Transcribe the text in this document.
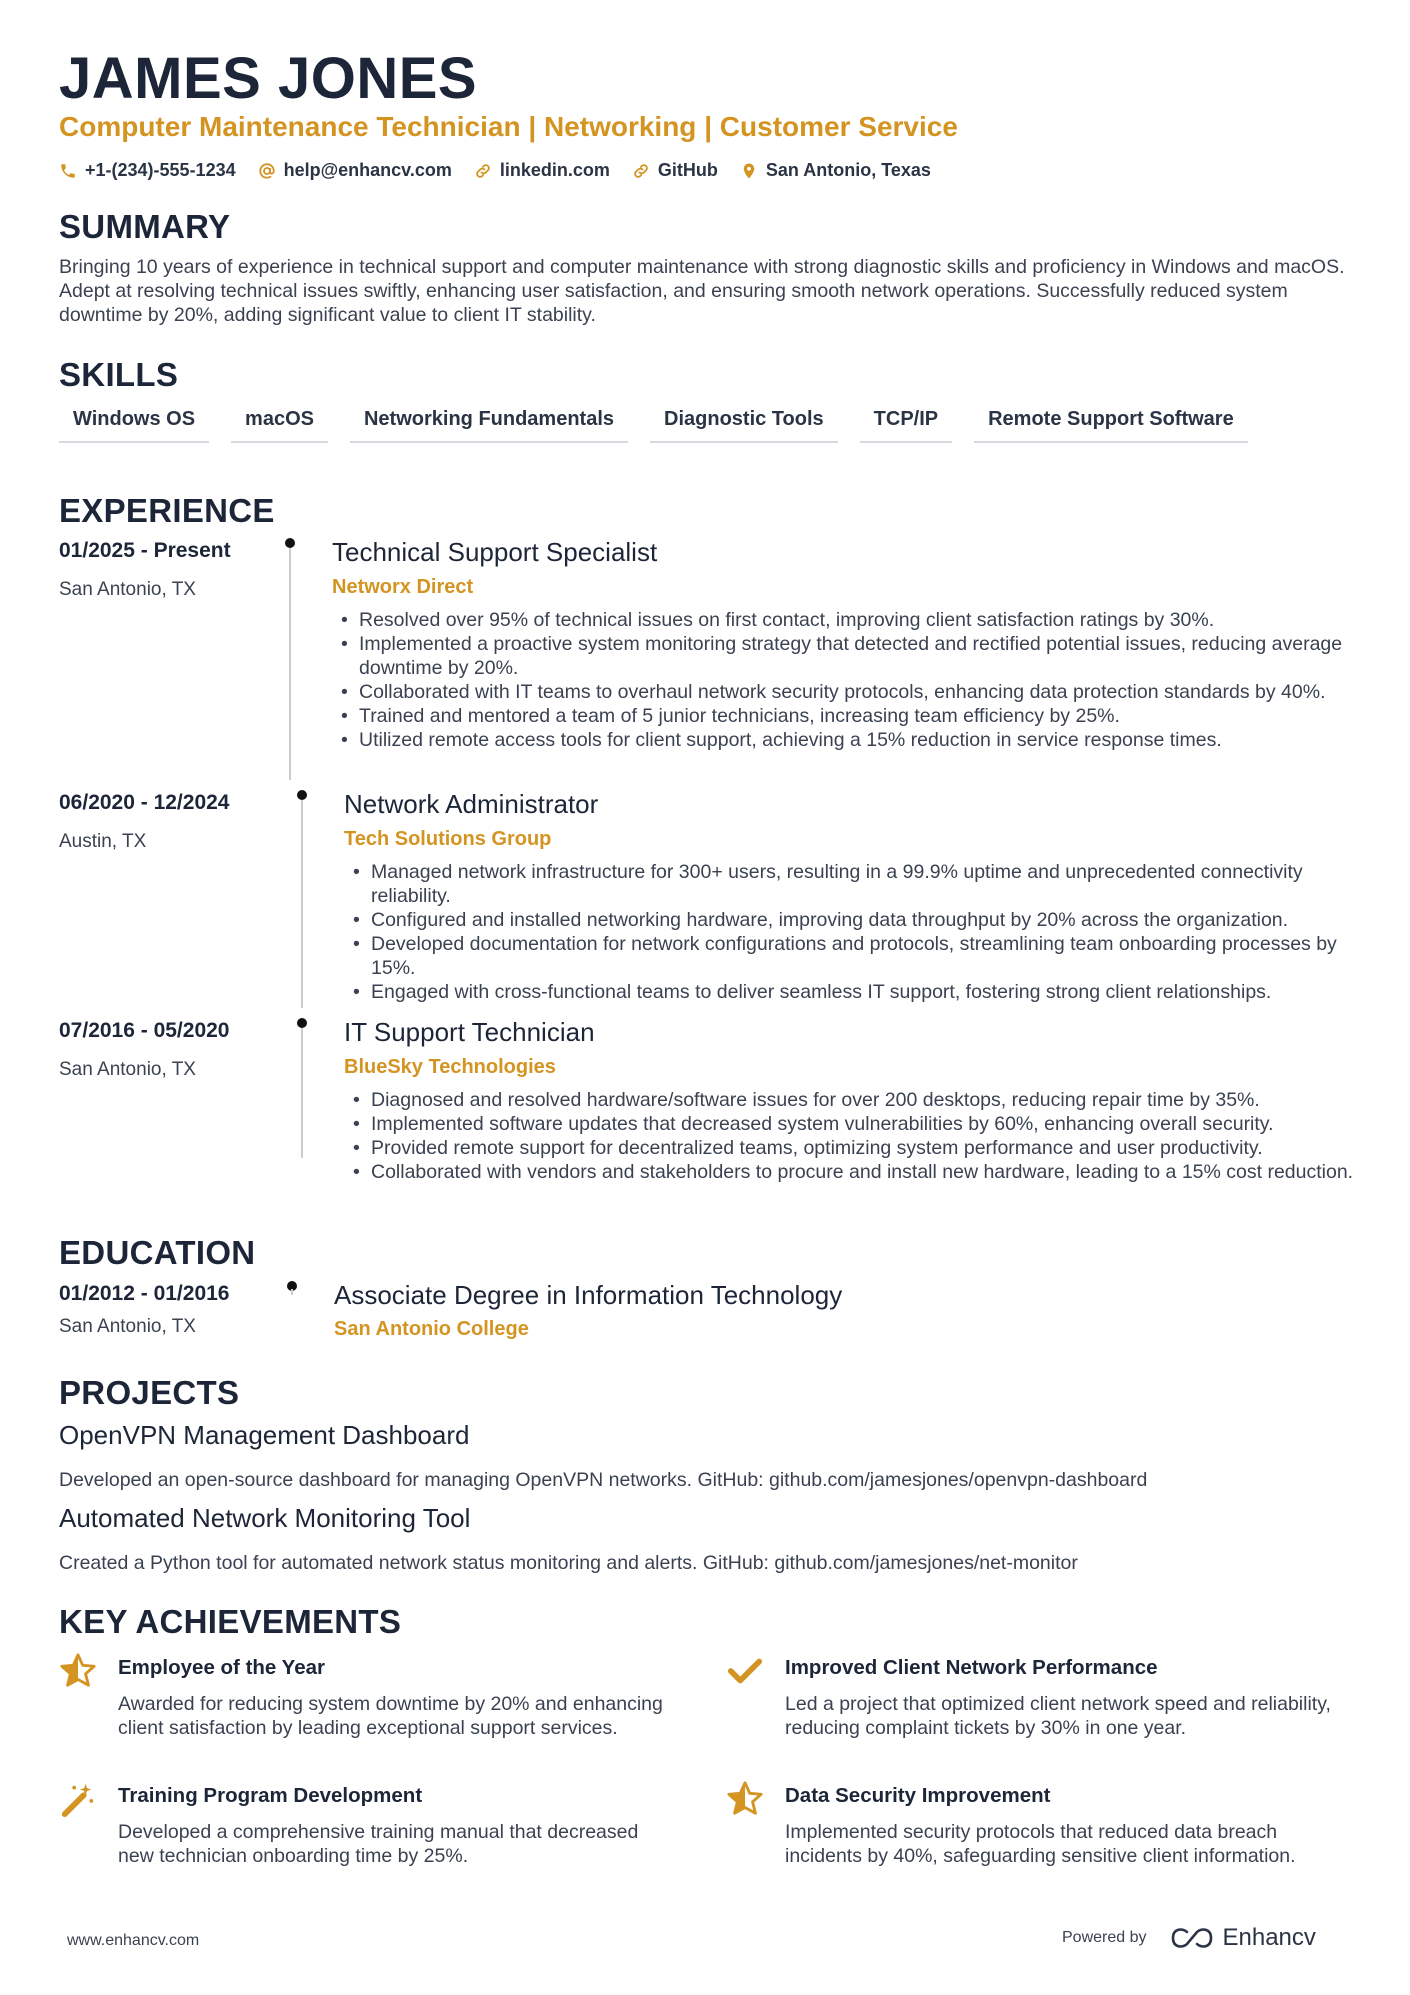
JAMES JONES
Computer Maintenance Technician | Networking | Customer Service
+1-(234)-555-1234	help@enhancv.com	linkedin.com	GitHub	San Antonio, Texas
SUMMARY
Bringing 10 years of experience in technical support and computer maintenance with strong diagnostic skills and proficiency in Windows and macOS. Adept at resolving technical issues swiftly, enhancing user satisfaction, and ensuring smooth network operations. Successfully reduced system downtime by 20%, adding significant value to client IT stability.
SKILLS
Windows OS	macOS	Networking Fundamentals	Diagnostic Tools	TCP/IP	Remote Support Software
EXPERIENCE
01/2025 - Present
San Antonio, TX
Technical Support Specialist
Networx Direct
• Resolved over 95% of technical issues on first contact, improving client satisfaction ratings by 30%.
• Implemented a proactive system monitoring strategy that detected and rectified potential issues, reducing average downtime by 20%.
• Collaborated with IT teams to overhaul network security protocols, enhancing data protection standards by 40%.
• Trained and mentored a team of 5 junior technicians, increasing team efficiency by 25%.
• Utilized remote access tools for client support, achieving a 15% reduction in service response times.
06/2020 - 12/2024
Austin, TX
Network Administrator
Tech Solutions Group
• Managed network infrastructure for 300+ users, resulting in a 99.9% uptime and unprecedented connectivity reliability.
• Configured and installed networking hardware, improving data throughput by 20% across the organization.
• Developed documentation for network configurations and protocols, streamlining team onboarding processes by 15%.
• Engaged with cross-functional teams to deliver seamless IT support, fostering strong client relationships.
07/2016 - 05/2020
San Antonio, TX
IT Support Technician
BlueSky Technologies
• Diagnosed and resolved hardware/software issues for over 200 desktops, reducing repair time by 35%.
• Implemented software updates that decreased system vulnerabilities by 60%, enhancing overall security.
• Provided remote support for decentralized teams, optimizing system performance and user productivity.
• Collaborated with vendors and stakeholders to procure and install new hardware, leading to a 15% cost reduction.
EDUCATION
01/2012 - 01/2016
San Antonio, TX
Associate Degree in Information Technology
San Antonio College
PROJECTS
OpenVPN Management Dashboard
Developed an open-source dashboard for managing OpenVPN networks. GitHub: github.com/jamesjones/openvpn-dashboard
Automated Network Monitoring Tool
Created a Python tool for automated network status monitoring and alerts. GitHub: github.com/jamesjones/net-monitor
KEY ACHIEVEMENTS
Employee of the Year
Awarded for reducing system downtime by 20% and enhancing client satisfaction by leading exceptional support services.
Improved Client Network Performance
Led a project that optimized client network speed and reliability, reducing complaint tickets by 30% in one year.
Training Program Development
Developed a comprehensive training manual that decreased new technician onboarding time by 25%.
Data Security Improvement
Implemented security protocols that reduced data breach incidents by 40%, safeguarding sensitive client information.
www.enhancv.com	Powered by	Enhancv
